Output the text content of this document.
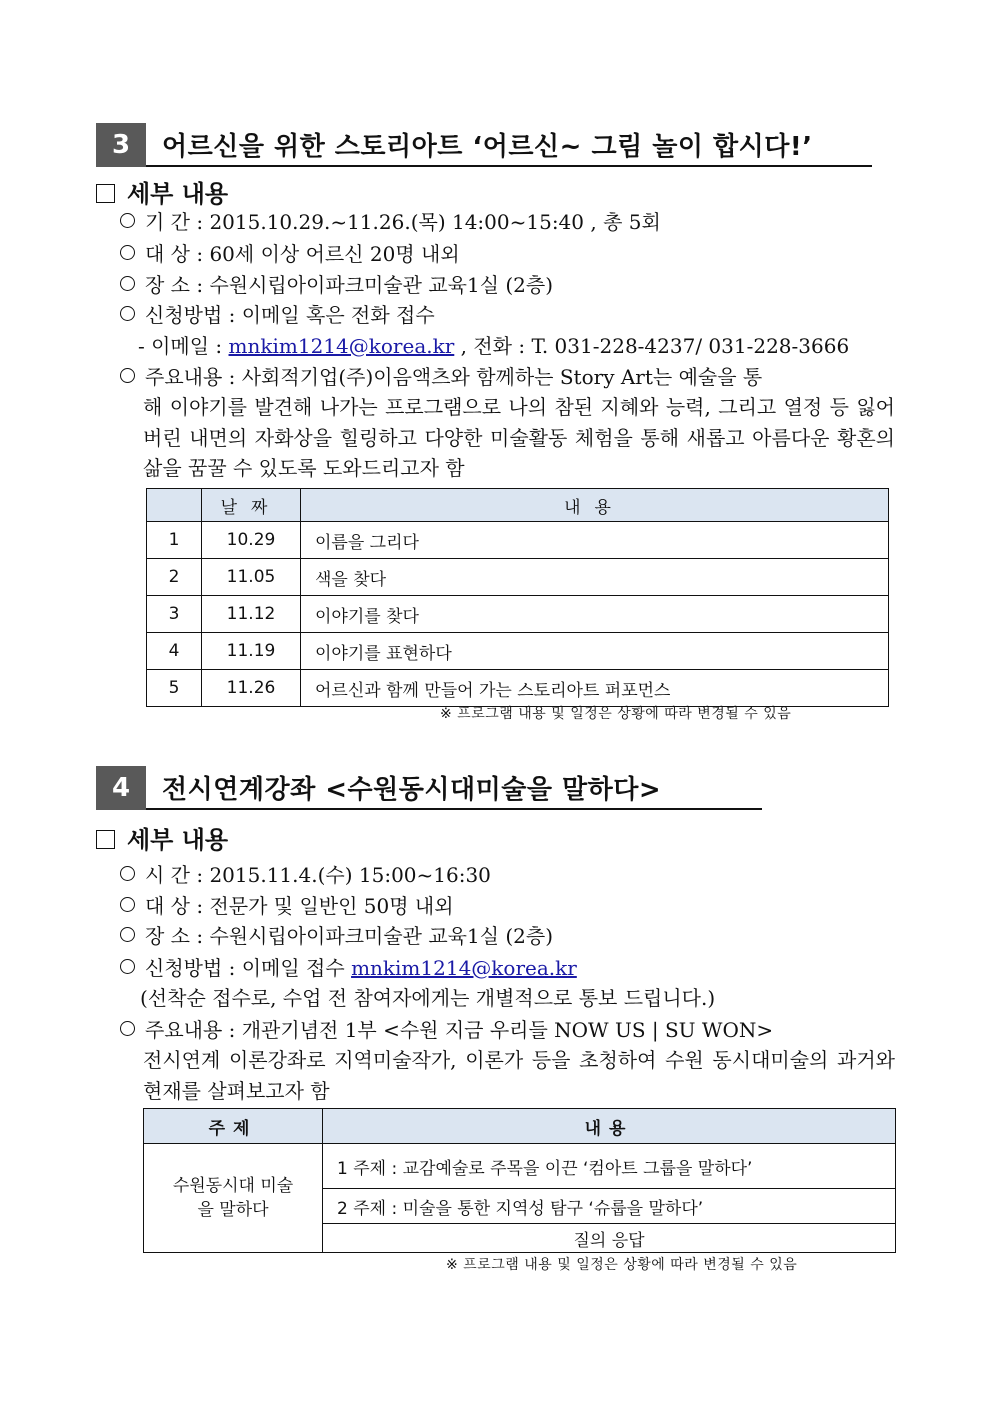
3	어르신을 위한 스토리아트 ‘어르신~ 그림 놀이 합시다!’
세부 내용
기 간 : 2015.10.29.~11.26.(목) 14:00~15:40 , 총 5회
대 상 : 60세 이상 어르신 20명 내외
장 소 : 수원시립아이파크미술관 교육1실 (2층)
신청방법 : 이메일 혹은 전화 접수
- 이메일 : mnkim1214@korea.kr , 전화 : T. 031-228-4237/ 031-228-3666
주요내용 : 사회적기업(주)이음액츠와 함께하는 Story Art는 예술을 통
해 이야기를 발견해 나가는 프로그램으로 나의 참된 지혜와 능력, 그리고 열정 등 잃어버린 내면의 자화상을 힐링하고 다양한 미술활동 체험을 통해 새롭고 아름다운 황혼의 삶을 꿈꿀 수 있도록 도와드리고자 함
	날짜	내용
1	10.29	이름을 그리다
2	11.05	색을 찾다
3	11.12	이야기를 찾다
4	11.19	이야기를 표현하다
5	11.26	어르신과 함께 만들어 가는 스토리아트 퍼포먼스
※ 프로그램 내용 및 일정은 상황에 따라 변경될 수 있음
4	전시연계강좌 <수원동시대미술을 말하다>
세부 내용
시 간 : 2015.11.4.(수) 15:00~16:30
대 상 : 전문가 및 일반인 50명 내외
장 소 : 수원시립아이파크미술관 교육1실 (2층)
신청방법 : 이메일 접수 mnkim1214@korea.kr
(선착순 접수로, 수업 전 참여자에게는 개별적으로 통보 드립니다.)
주요내용 : 개관기념전 1부 <수원 지금 우리들 NOW US | SU WON>
전시연계 이론강좌로 지역미술작가, 이론가 등을 초청하여 수원 동시대미술의 과거와 현재를 살펴보고자 함
주제	내용
수원동시대 미술을 말하다	1 주제 : 교감예술로 주목을 이끈 ‘컴아트 그룹을 말하다’
	2 주제 : 미술을 통한 지역성 탐구 ‘슈룹을 말하다’
	질의 응답
※ 프로그램 내용 및 일정은 상황에 따라 변경될 수 있음
